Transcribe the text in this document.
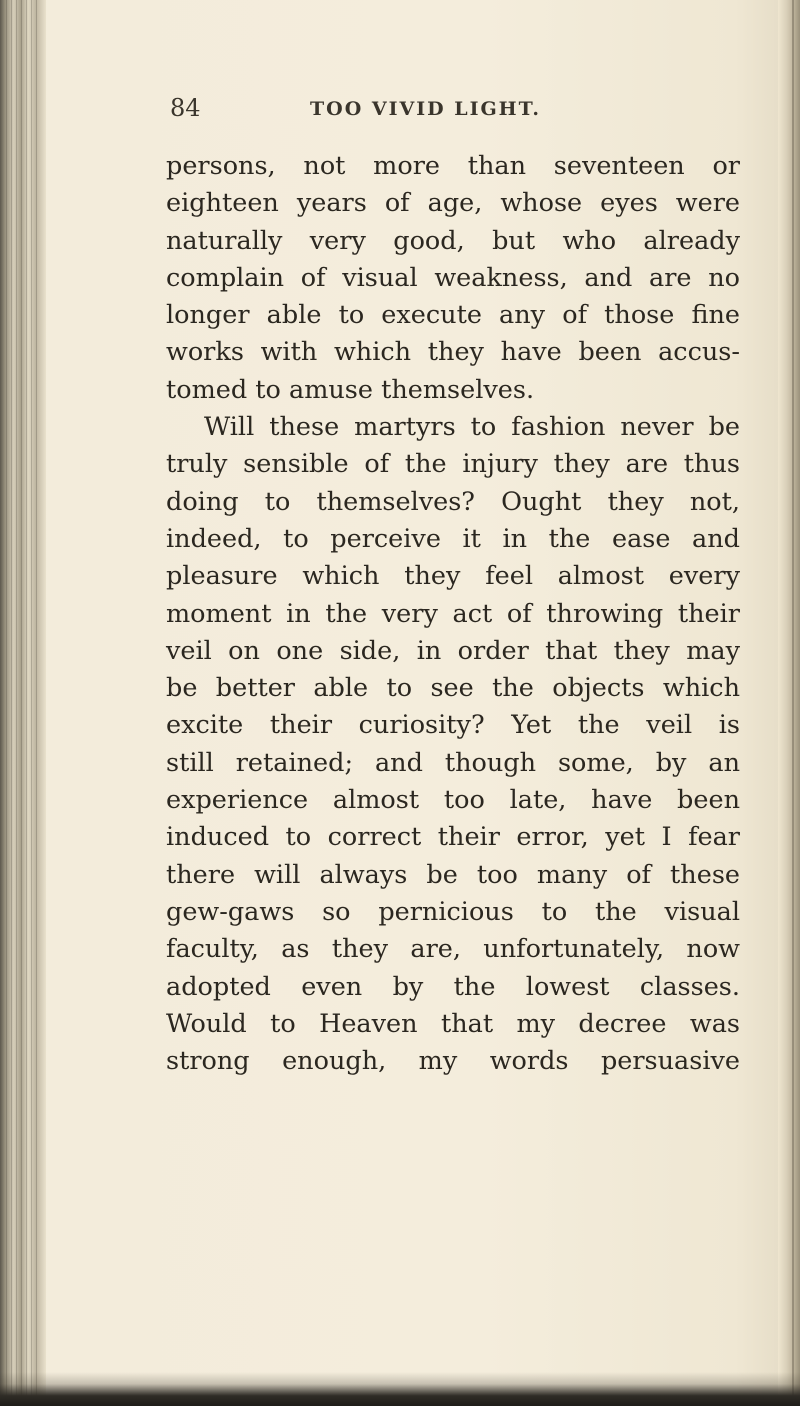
84	TOO VIVID LIGHT.
persons, not more than seventeen or
eighteen years of age, whose eyes were
naturally very good, but who already
complain of visual weakness, and are no
longer able to execute any of those fine
works with which they have been accus-
tomed to amuse themselves.
Will these martyrs to fashion never be
truly sensible of the injury they are thus
doing to themselves? Ought they not,
indeed, to perceive it in the ease and
pleasure which they feel almost every
moment in the very act of throwing their
veil on one side, in order that they may
be better able to see the objects which
excite their curiosity? Yet the veil is
still retained; and though some, by an
experience almost too late, have been
induced to correct their error, yet I fear
there will always be too many of these
gew-gaws so pernicious to the visual
faculty, as they are, unfortunately, now
adopted even by the lowest classes.
Would to Heaven that my decree was
strong enough, my words persuasive
